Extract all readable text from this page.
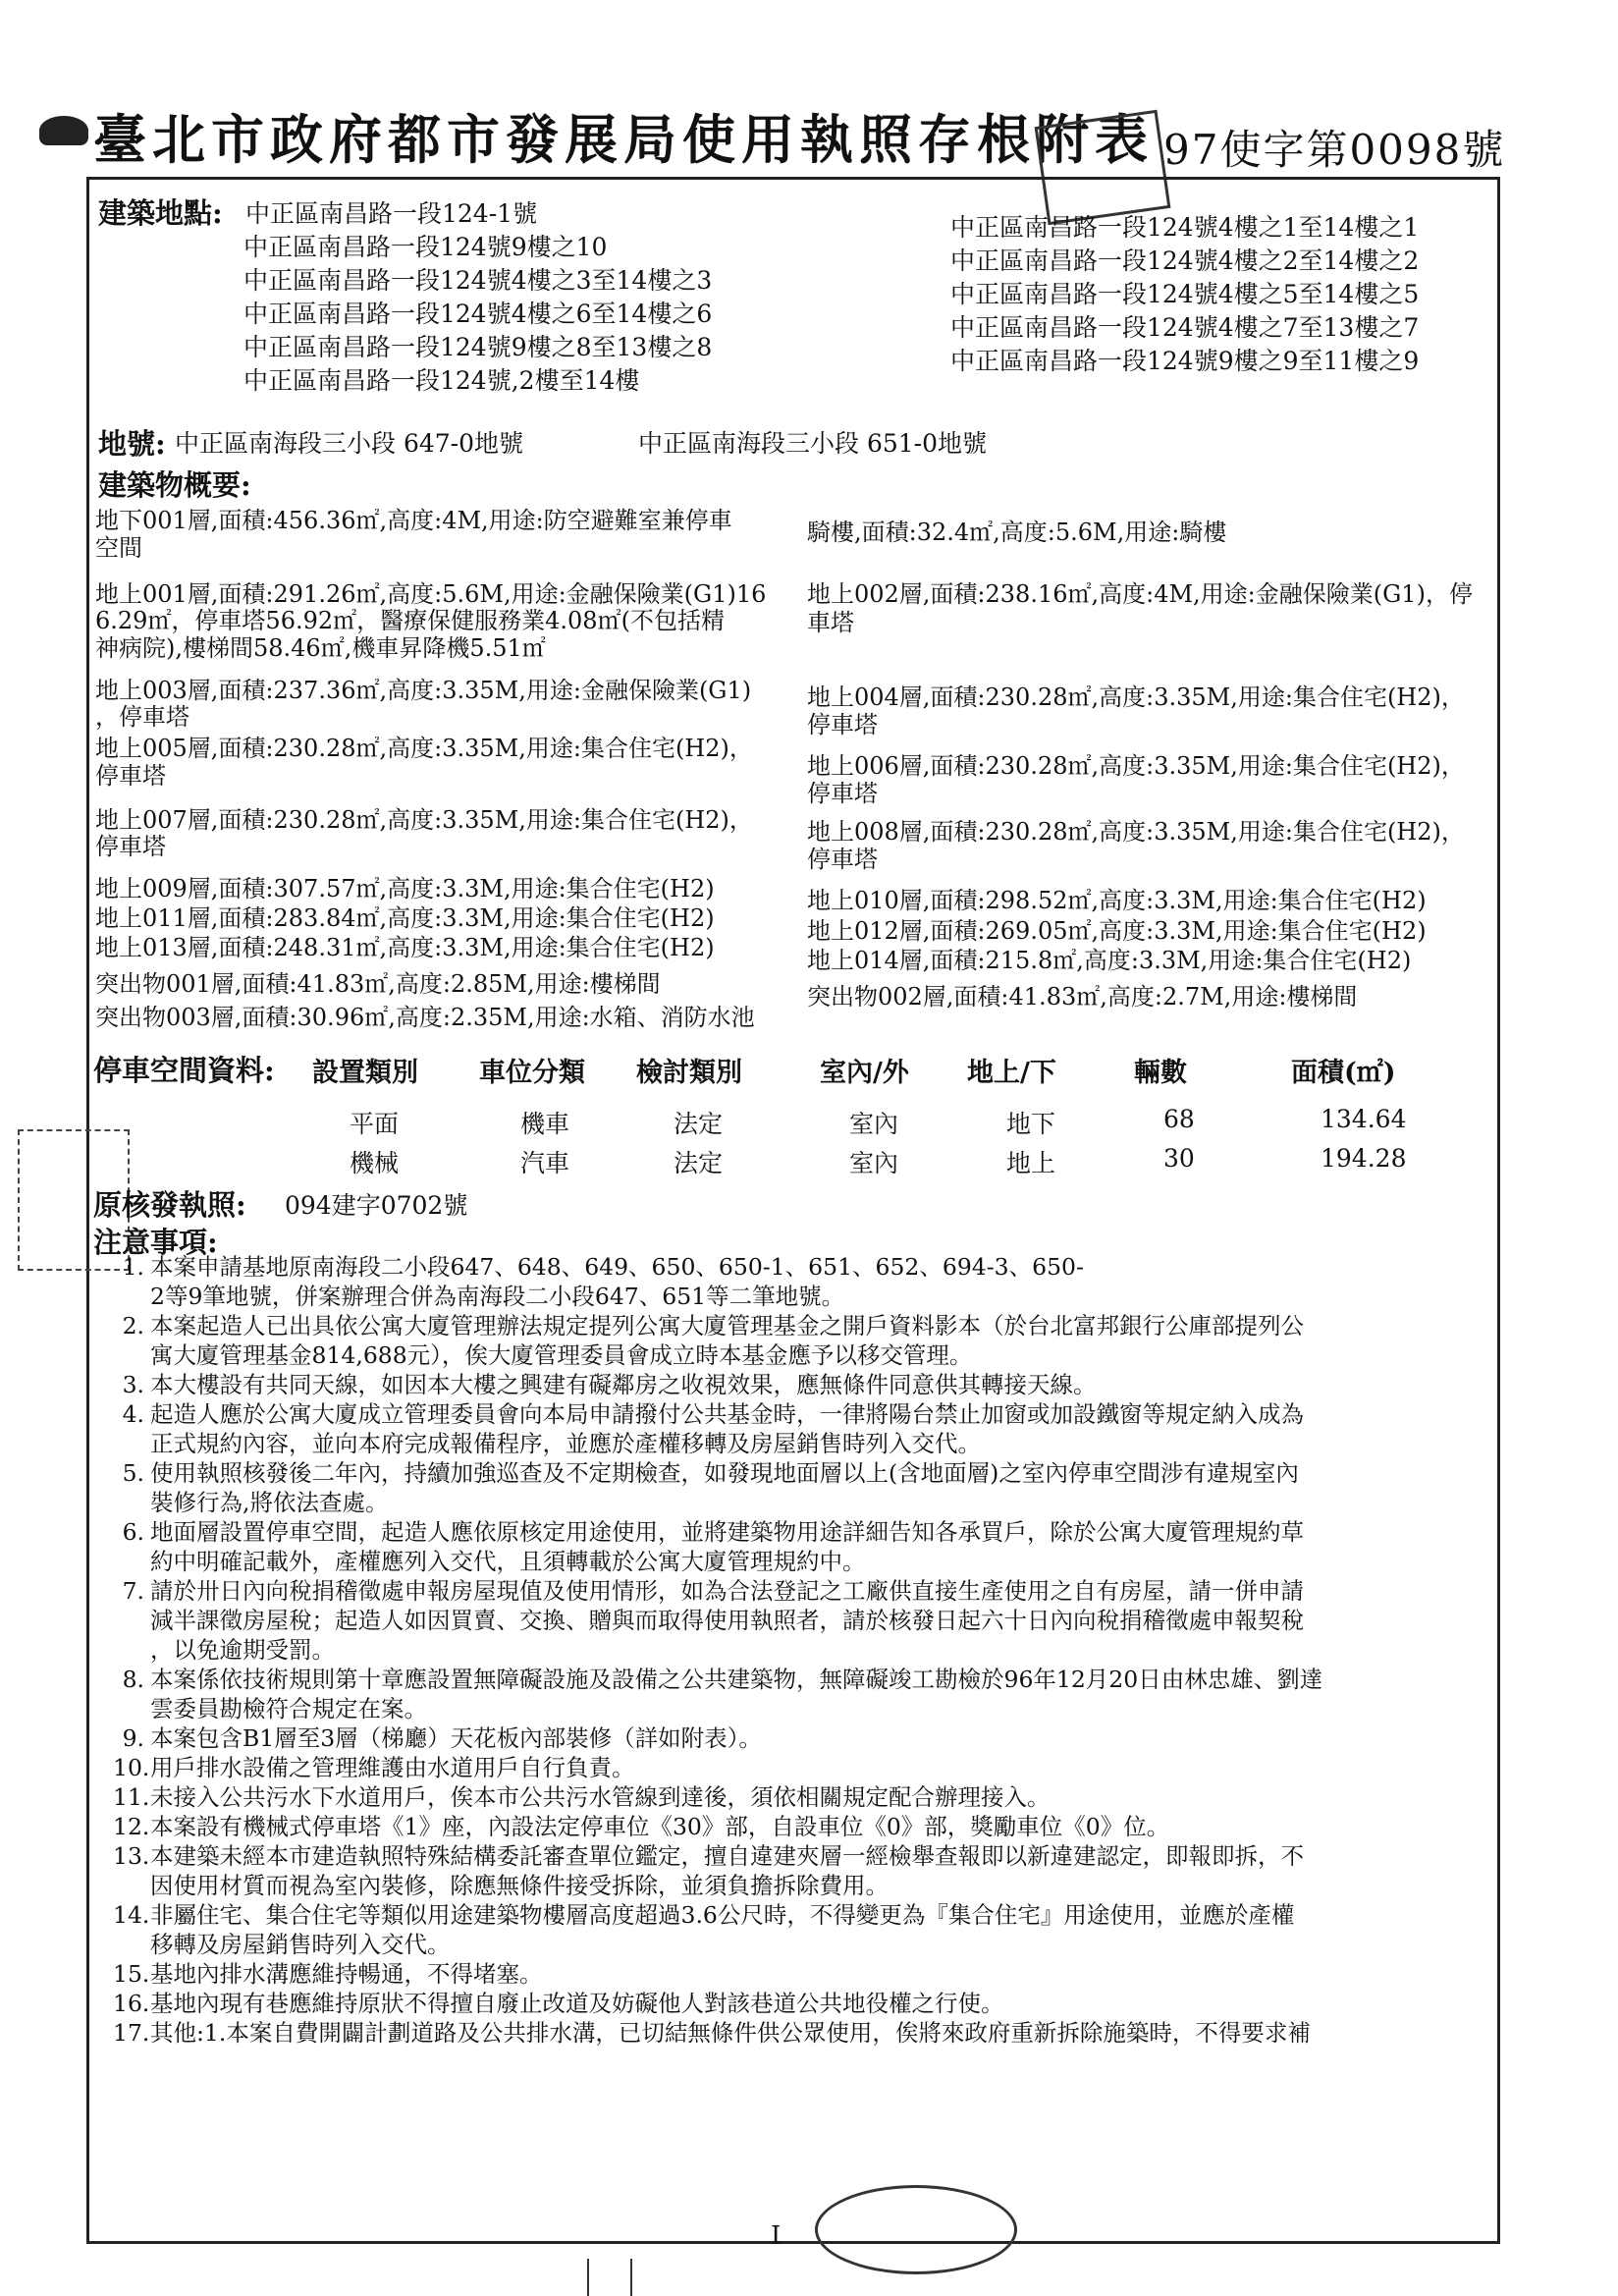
臺北市政府都市發展局使用執照存根附表 97使字第0098號
建築地點: 中正區南昌路一段124-1號
中正區南昌路一段124號9樓之10
中正區南昌路一段124號4樓之3至14樓之3
中正區南昌路一段124號4樓之6至14樓之6
中正區南昌路一段124號9樓之8至13樓之8
中正區南昌路一段124號,2樓至14樓
中正區南昌路一段124號4樓之1至14樓之1
中正區南昌路一段124號4樓之2至14樓之2
中正區南昌路一段124號4樓之5至14樓之5
中正區南昌路一段124號4樓之7至13樓之7
中正區南昌路一段124號9樓之9至11樓之9
地號: 中正區南海段三小段 647-0地號	中正區南海段三小段 651-0地號
建築物概要:
地下001層,面積:456.36㎡,高度:4M,用途:防空避難室兼停車
空間
地上001層,面積:291.26㎡,高度:5.6M,用途:金融保險業(G1)16
6.29㎡，停車塔56.92㎡，醫療保健服務業4.08㎡(不包括精
神病院),樓梯間58.46㎡,機車昇降機5.51㎡
地上003層,面積:237.36㎡,高度:3.35M,用途:金融保險業(G1)
，停車塔
地上005層,面積:230.28㎡,高度:3.35M,用途:集合住宅(H2)，
停車塔
地上007層,面積:230.28㎡,高度:3.35M,用途:集合住宅(H2)，
停車塔
地上009層,面積:307.57㎡,高度:3.3M,用途:集合住宅(H2)
地上011層,面積:283.84㎡,高度:3.3M,用途:集合住宅(H2)
地上013層,面積:248.31㎡,高度:3.3M,用途:集合住宅(H2)
突出物001層,面積:41.83㎡,高度:2.85M,用途:樓梯間
突出物003層,面積:30.96㎡,高度:2.35M,用途:水箱、消防水池
騎樓,面積:32.4㎡,高度:5.6M,用途:騎樓
地上002層,面積:238.16㎡,高度:4M,用途:金融保險業(G1)，停
車塔
地上004層,面積:230.28㎡,高度:3.35M,用途:集合住宅(H2)，
停車塔
地上006層,面積:230.28㎡,高度:3.35M,用途:集合住宅(H2)，
停車塔
地上008層,面積:230.28㎡,高度:3.35M,用途:集合住宅(H2)，
停車塔
地上010層,面積:298.52㎡,高度:3.3M,用途:集合住宅(H2)
地上012層,面積:269.05㎡,高度:3.3M,用途:集合住宅(H2)
地上014層,面積:215.8㎡,高度:3.3M,用途:集合住宅(H2)
突出物002層,面積:41.83㎡,高度:2.7M,用途:樓梯間
停車空間資料: 設置類別 車位分類 檢討類別	室內/外 地上/下	輛數	面積(㎡)
平面	機車	法定	室內	地下	68	134.64
機械	汽車	法定	室內	地上	30	194.28
原核發執照: 094建字0702號
注意事項:
1. 本案申請基地原南海段二小段647、648、649、650、650-1、651、652、694-3、650-
2等9筆地號，併案辦理合併為南海段二小段647、651等二筆地號。
2. 本案起造人已出具依公寓大廈管理辦法規定提列公寓大廈管理基金之開戶資料影本（於台北富邦銀行公庫部提列公
寓大廈管理基金814,688元），俟大廈管理委員會成立時本基金應予以移交管理。
3. 本大樓設有共同天線，如因本大樓之興建有礙鄰房之收視效果，應無條件同意供其轉接天線。
4. 起造人應於公寓大廈成立管理委員會向本局申請撥付公共基金時，一律將陽台禁止加窗或加設鐵窗等規定納入成為
正式規約內容，並向本府完成報備程序，並應於產權移轉及房屋銷售時列入交代。
5. 使用執照核發後二年內，持續加強巡查及不定期檢查，如發現地面層以上(含地面層)之室內停車空間涉有違規室內
裝修行為,將依法查處。
6. 地面層設置停車空間，起造人應依原核定用途使用，並將建築物用途詳細告知各承買戶，除於公寓大廈管理規約草
約中明確記載外，產權應列入交代，且須轉載於公寓大廈管理規約中。
7. 請於卅日內向稅捐稽徵處申報房屋現值及使用情形，如為合法登記之工廠供直接生產使用之自有房屋，請一併申請
減半課徵房屋稅；起造人如因買賣、交換、贈與而取得使用執照者，請於核發日起六十日內向稅捐稽徵處申報契稅
，以免逾期受罰。
8. 本案係依技術規則第十章應設置無障礙設施及設備之公共建築物，無障礙竣工勘檢於96年12月20日由林忠雄、劉達
雲委員勘檢符合規定在案。
9. 本案包含B1層至3層（梯廳）天花板內部裝修（詳如附表）。
10.用戶排水設備之管理維護由水道用戶自行負責。
11.未接入公共污水下水道用戶，俟本市公共污水管線到達後，須依相關規定配合辦理接入。
12.本案設有機械式停車塔《1》座，內設法定停車位《30》部，自設車位《0》部，獎勵車位《0》位。
13.本建築未經本市建造執照特殊結構委託審查單位鑑定，擅自違建夾層一經檢舉查報即以新違建認定，即報即拆，不
因使用材質而視為室內裝修，除應無條件接受拆除，並須負擔拆除費用。
14.非屬住宅、集合住宅等類似用途建築物樓層高度超過3.6公尺時，不得變更為『集合住宅』用途使用，並應於產權
移轉及房屋銷售時列入交代。
15.基地內排水溝應維持暢通，不得堵塞。
16.基地內現有巷應維持原狀不得擅自廢止改道及妨礙他人對該巷道公共地役權之行使。
17.其他:1.本案自費開闢計劃道路及公共排水溝，已切結無條件供公眾使用，俟將來政府重新拆除施築時，不得要求補
I
